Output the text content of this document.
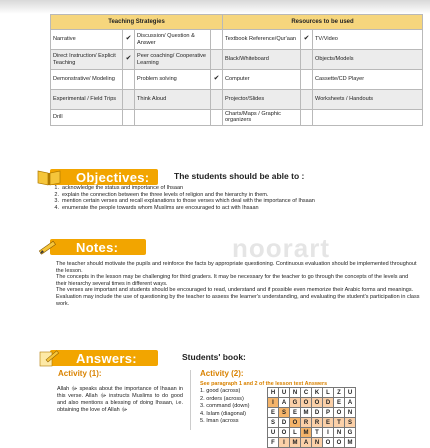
Teaching Strategies				Resources to be used		
Narrative	✔	Discussion/ Question & Answer		Textbook Reference/Qur'aan	✔	TV/Video
Direct Instruction/ Explicit Teaching	✔	Peer coaching/ Cooperative Learning		Black/Whiteboard		Objects/Models
Demonstrative/ Modeling		Problem solving	✔	Computer		Cassette/CD Player
Experimental / Field Trips		Think Aloud		Projector/Slides		Worksheets / Handouts
Drill				Charts/Maps / Graphic organizers		
Objectives:	The students should be able to :
1. acknowledge the status and importance of Ihsaan
2. explain the connection between the three levels of religion and the hierarchy in them.
3. mention certain verses and recall explanations to those verses which deal with the importance of Ihsaan
4. enumerate the people towards whom Muslims are encouraged to act with Ihsaan
Notes:	noorart

The teacher should motivate the pupils and reinforce the facts by appropriate questioning. Continuous evaluation should be implemented throughout the lesson.

The concepts in the lesson may be challenging for third graders. It may be necessary for the teacher to go through the concepts of the levels and their hierarchy several times in different ways.

The verses are important and students should be encouraged to read, understand and if possible even memorize their Arabic forms and meanings.

Evaluation may include the use of questioning by the teacher to assess the learner's understanding, and evaluating the student's participation in class work.

Answers:	Students' book:
Activity (1):
Allah ﷻ speaks about the importance of Ihsaan in this verse. Allah ﷻ instructs Muslims to do good and also mentions a blessing of doing Ihsaan, i.e. obtaining the love of Allah ﷻ
Activity (2):
See paragraph 1 and 2 of the lesson text Answers
1. good (across)
2. orders (across)
3. command (down)
4. Islam (diagonal)
5. Iman (across
H	U	N	C	K	L	Z	U
I	A	G	O	O	D	E	A
E	S	E	M	D	P	O	N
S	D	O	R	R	E	T	S
U	O	L	M	T	I	N	G
F	I	M	A	N	O	O	M
